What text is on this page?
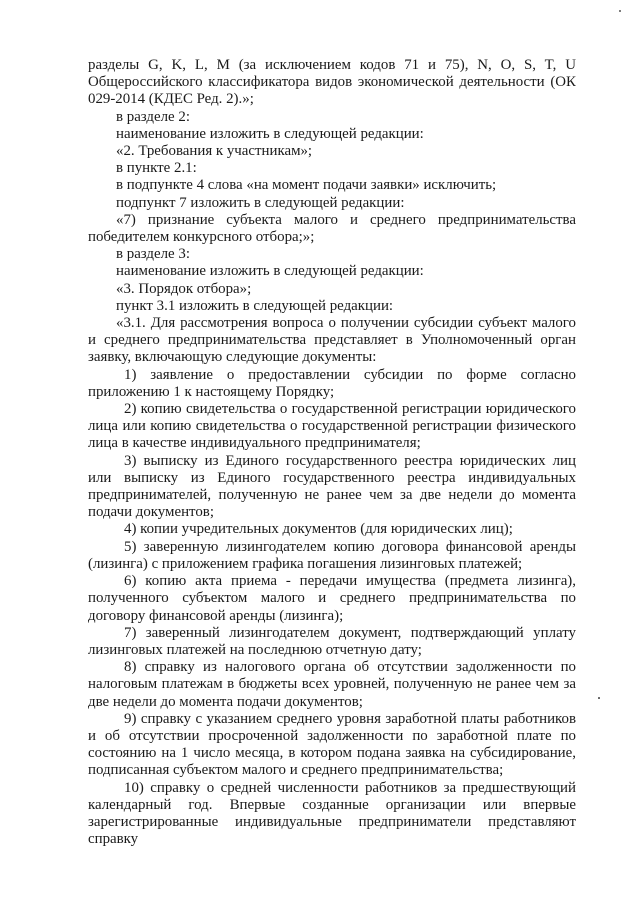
разделы G, K, L, M (за исключением кодов 71 и 75), N, O, S, T, U Общероссийского классификатора видов экономической деятельности (ОК 029-2014 (КДЕС Ред. 2).»;

в разделе 2:

наименование изложить в следующей редакции:

«2. Требования к участникам»;

в пункте 2.1:

в подпункте 4 слова «на момент подачи заявки» исключить;

подпункт 7 изложить в следующей редакции:

«7) признание субъекта малого и среднего предпринимательства победителем конкурсного отбора;»;

в разделе 3:

наименование изложить в следующей редакции:

«3. Порядок отбора»;

пункт 3.1 изложить в следующей редакции:

«3.1. Для рассмотрения вопроса о получении субсидии субъект малого и среднего предпринимательства представляет в Уполномоченный орган заявку, включающую следующие документы:

1) заявление о предоставлении субсидии по форме согласно приложению 1 к настоящему Порядку;

2) копию свидетельства о государственной регистрации юридического лица или копию свидетельства о государственной регистрации физического лица в качестве индивидуального предпринимателя;

3) выписку из Единого государственного реестра юридических лиц или выписку из Единого государственного реестра индивидуальных предпринимателей, полученную не ранее чем за две недели до момента подачи документов;

4) копии учредительных документов (для юридических лиц);

5) заверенную лизингодателем копию договора финансовой аренды (лизинга) с приложением графика погашения лизинговых платежей;

6) копию акта приема - передачи имущества (предмета лизинга), полученного субъектом малого и среднего предпринимательства по договору финансовой аренды (лизинга);

7) заверенный лизингодателем документ, подтверждающий уплату лизинговых платежей на последнюю отчетную дату;

8) справку из налогового органа об отсутствии задолженности по налоговым платежам в бюджеты всех уровней, полученную не ранее чем за две недели до момента подачи документов;

9) справку с указанием среднего уровня заработной платы работников и об отсутствии просроченной задолженности по заработной плате по состоянию на 1 число месяца, в котором подана заявка на субсидирование, подписанная субъектом малого и среднего предпринимательства;

10) справку о средней численности работников за предшествующий календарный год. Впервые созданные организации или впервые зарегистрированные индивидуальные предприниматели представляют справку
